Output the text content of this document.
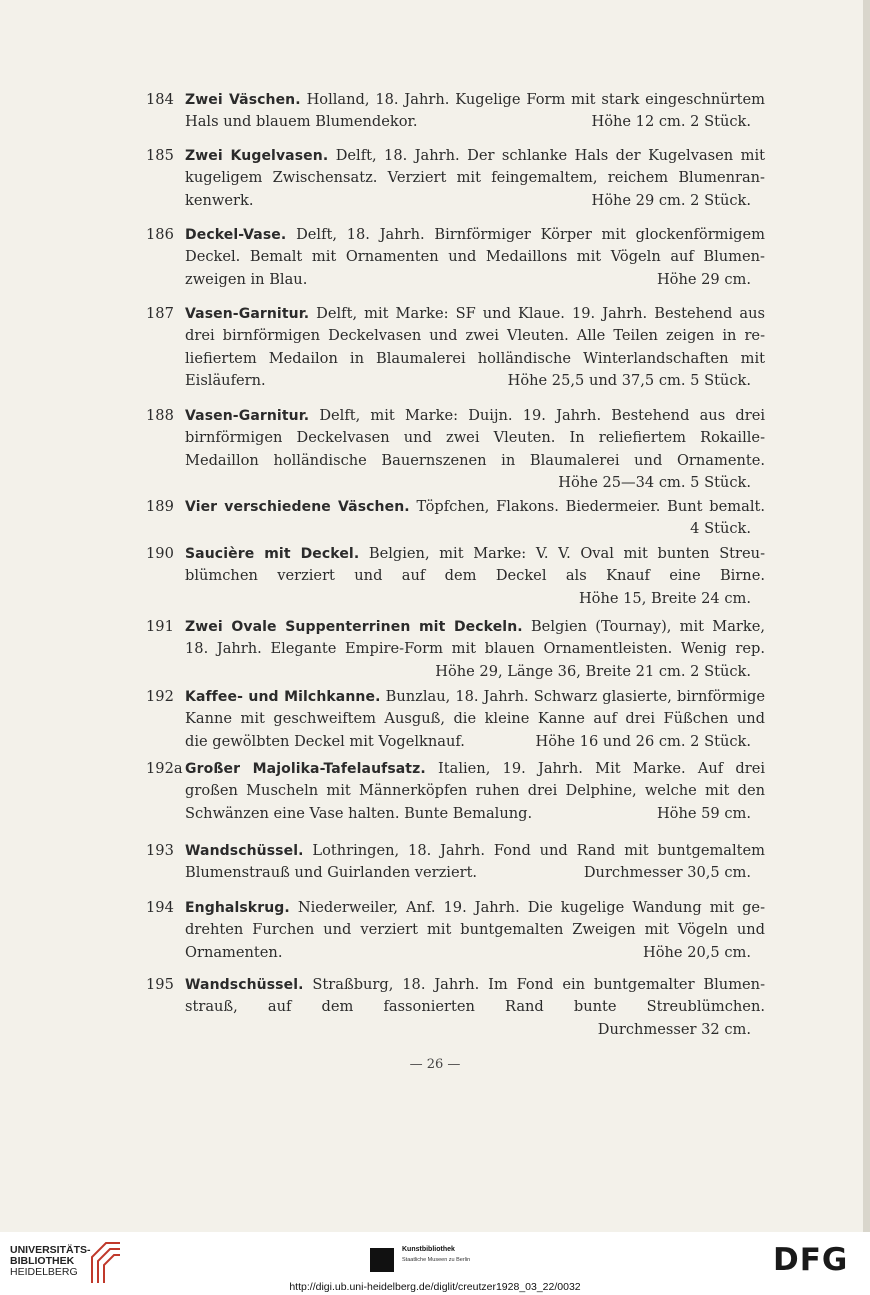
184 Zwei Väschen. Holland, 18. Jahrh. Kugelige Form mit stark eingeschnürtem
Hals und blauem Blumendekor.	Höhe 12 cm. 2 Stück.
185 Zwei Kugelvasen. Delft, 18. Jahrh. Der schlanke Hals der Kugelvasen mit
kugeligem Zwischensatz. Verziert mit feingemaltem, reichem Blumenran-
kenwerk.	Höhe 29 cm. 2 Stück.
186 Deckel-Vase. Delft, 18. Jahrh. Birnförmiger Körper mit glockenförmigem
Deckel. Bemalt mit Ornamenten und Medaillons mit Vögeln auf Blumen-
zweigen in Blau.	Höhe 29 cm.
187 Vasen-Garnitur. Delft, mit Marke: SF und Klaue. 19. Jahrh. Bestehend aus
drei birnförmigen Deckelvasen und zwei Vleuten. Alle Teilen zeigen in re-
liefiertem Medailon in Blaumalerei holländische Winterlandschaften mit
Eisläufern.	Höhe 25,5 und 37,5 cm. 5 Stück.
188 Vasen-Garnitur. Delft, mit Marke: Duijn. 19. Jahrh. Bestehend aus drei
birnförmigen Deckelvasen und zwei Vleuten. In reliefiertem Rokaille-
Medaillon holländische Bauernszenen in Blaumalerei und Ornamente.
Höhe 25—34 cm. 5 Stück.
189 Vier verschiedene Väschen. Töpfchen, Flakons. Biedermeier. Bunt bemalt.
4 Stück.
190 Saucière mit Deckel. Belgien, mit Marke: V. V. Oval mit bunten Streu-
blümchen verziert und auf dem Deckel als Knauf eine Birne.
Höhe 15, Breite 24 cm.
191 Zwei Ovale Suppenterrinen mit Deckeln. Belgien (Tournay), mit Marke,
18. Jahrh. Elegante Empire-Form mit blauen Ornamentleisten. Wenig rep.
Höhe 29, Länge 36, Breite 21 cm. 2 Stück.
192 Kaffee- und Milchkanne. Bunzlau, 18. Jahrh. Schwarz glasierte, birnförmige
Kanne mit geschweiftem Ausguß, die kleine Kanne auf drei Füßchen und
die gewölbten Deckel mit Vogelknauf.	Höhe 16 und 26 cm. 2 Stück.
192a Großer Majolika-Tafelaufsatz. Italien, 19. Jahrh. Mit Marke. Auf drei
großen Muscheln mit Männerköpfen ruhen drei Delphine, welche mit den
Schwänzen eine Vase halten. Bunte Bemalung.	Höhe 59 cm.
193 Wandschüssel. Lothringen, 18. Jahrh. Fond und Rand mit buntgemaltem
Blumenstrauß und Guirlanden verziert.	Durchmesser 30,5 cm.
194 Enghalskrug. Niederweiler, Anf. 19. Jahrh. Die kugelige Wandung mit ge-
drehten Furchen und verziert mit buntgemalten Zweigen mit Vögeln und
Ornamenten.	Höhe 20,5 cm.
195 Wandschüssel. Straßburg, 18. Jahrh. Im Fond ein buntgemalter Blumen-
strauß, auf dem fassonierten Rand bunte Streublümchen.
Durchmesser 32 cm.
— 26 —
UNIVERSITÄTS-
BIBLIOTHEK
HEIDELBERG
Kunstbibliothek
Staatliche Museen zu Berlin	DFG
http://digi.ub.uni-heidelberg.de/diglit/creutzer1928_03_22/0032
